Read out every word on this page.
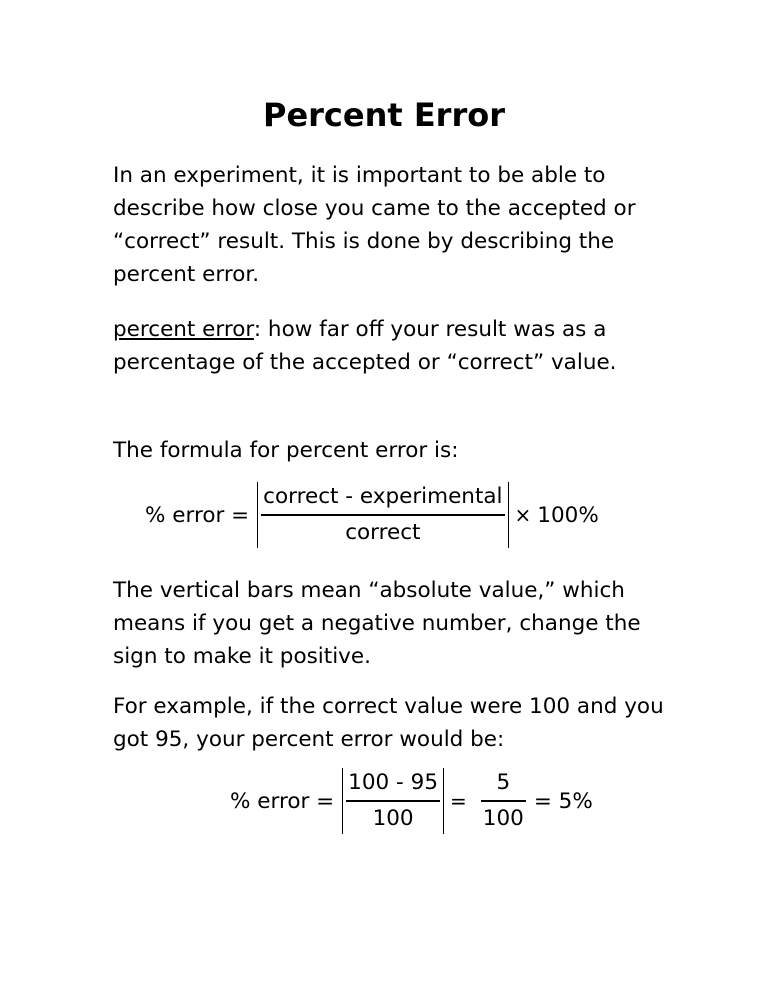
Percent Error

In an experiment, it is important to be able to describe how close you came to the accepted or “correct” result. This is done by describing the percent error.

percent error: how far off your result was as a percentage of the accepted or “correct” value.

The formula for percent error is:

% error = $\frac{\text{correct - experimental}}{\text{correct}} \times 100\%$

The vertical bars mean “absolute value,” which means if you get a negative number, change the sign to make it positive.

For example, if the correct value were 100 and you got 95, your percent error would be:

% error = $\frac{100 - 95}{100} = \frac{5}{100} = 5\%$
